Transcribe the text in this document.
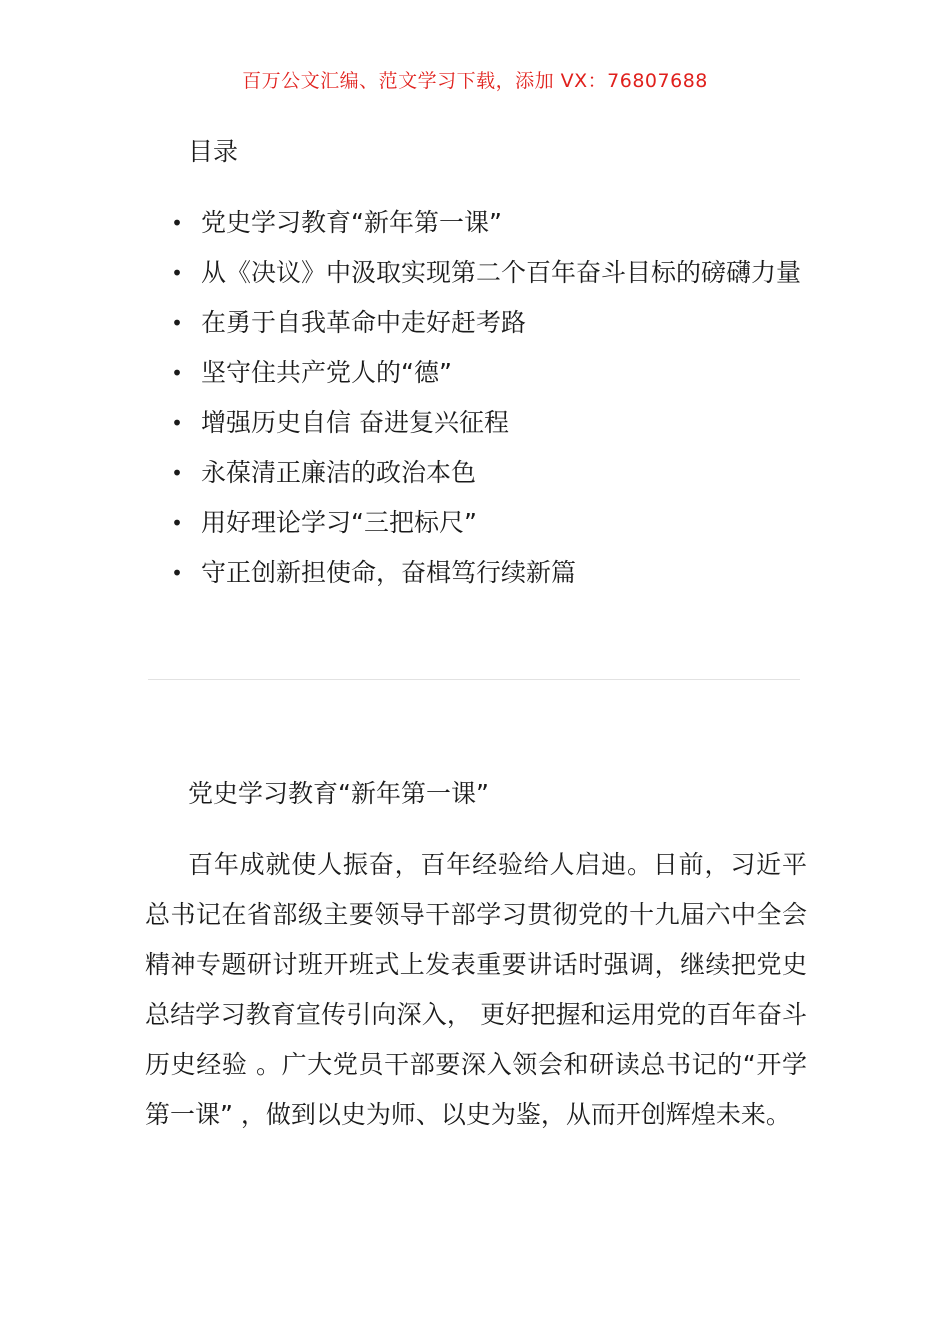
百万公文汇编、范文学习下载，添加 VX：76807688
目录
• 党史学习教育“新年第一课”
• 从《决议》中汲取实现第二个百年奋斗目标的磅礴力量
• 在勇于自我革命中走好赶考路
• 坚守住共产党人的“德”
• 增强历史自信 奋进复兴征程
• 永葆清正廉洁的政治本色
• 用好理论学习“三把标尺”
• 守正创新担使命，奋楫笃行续新篇
党史学习教育“新年第一课”

百年成就使人振奋，百年经验给人启迪。日前，习近平总书记在省部级主要领导干部学习贯彻党的十九届六中全会精神专题研讨班开班式上发表重要讲话时强调，继续把党史总结学习教育宣传引向深入， 更好把握和运用党的百年奋斗历史经验 。广大党员干部要深入领会和研读总书记的“开学第一课” ，做到以史为师、以史为鉴，从而开创辉煌未来。
